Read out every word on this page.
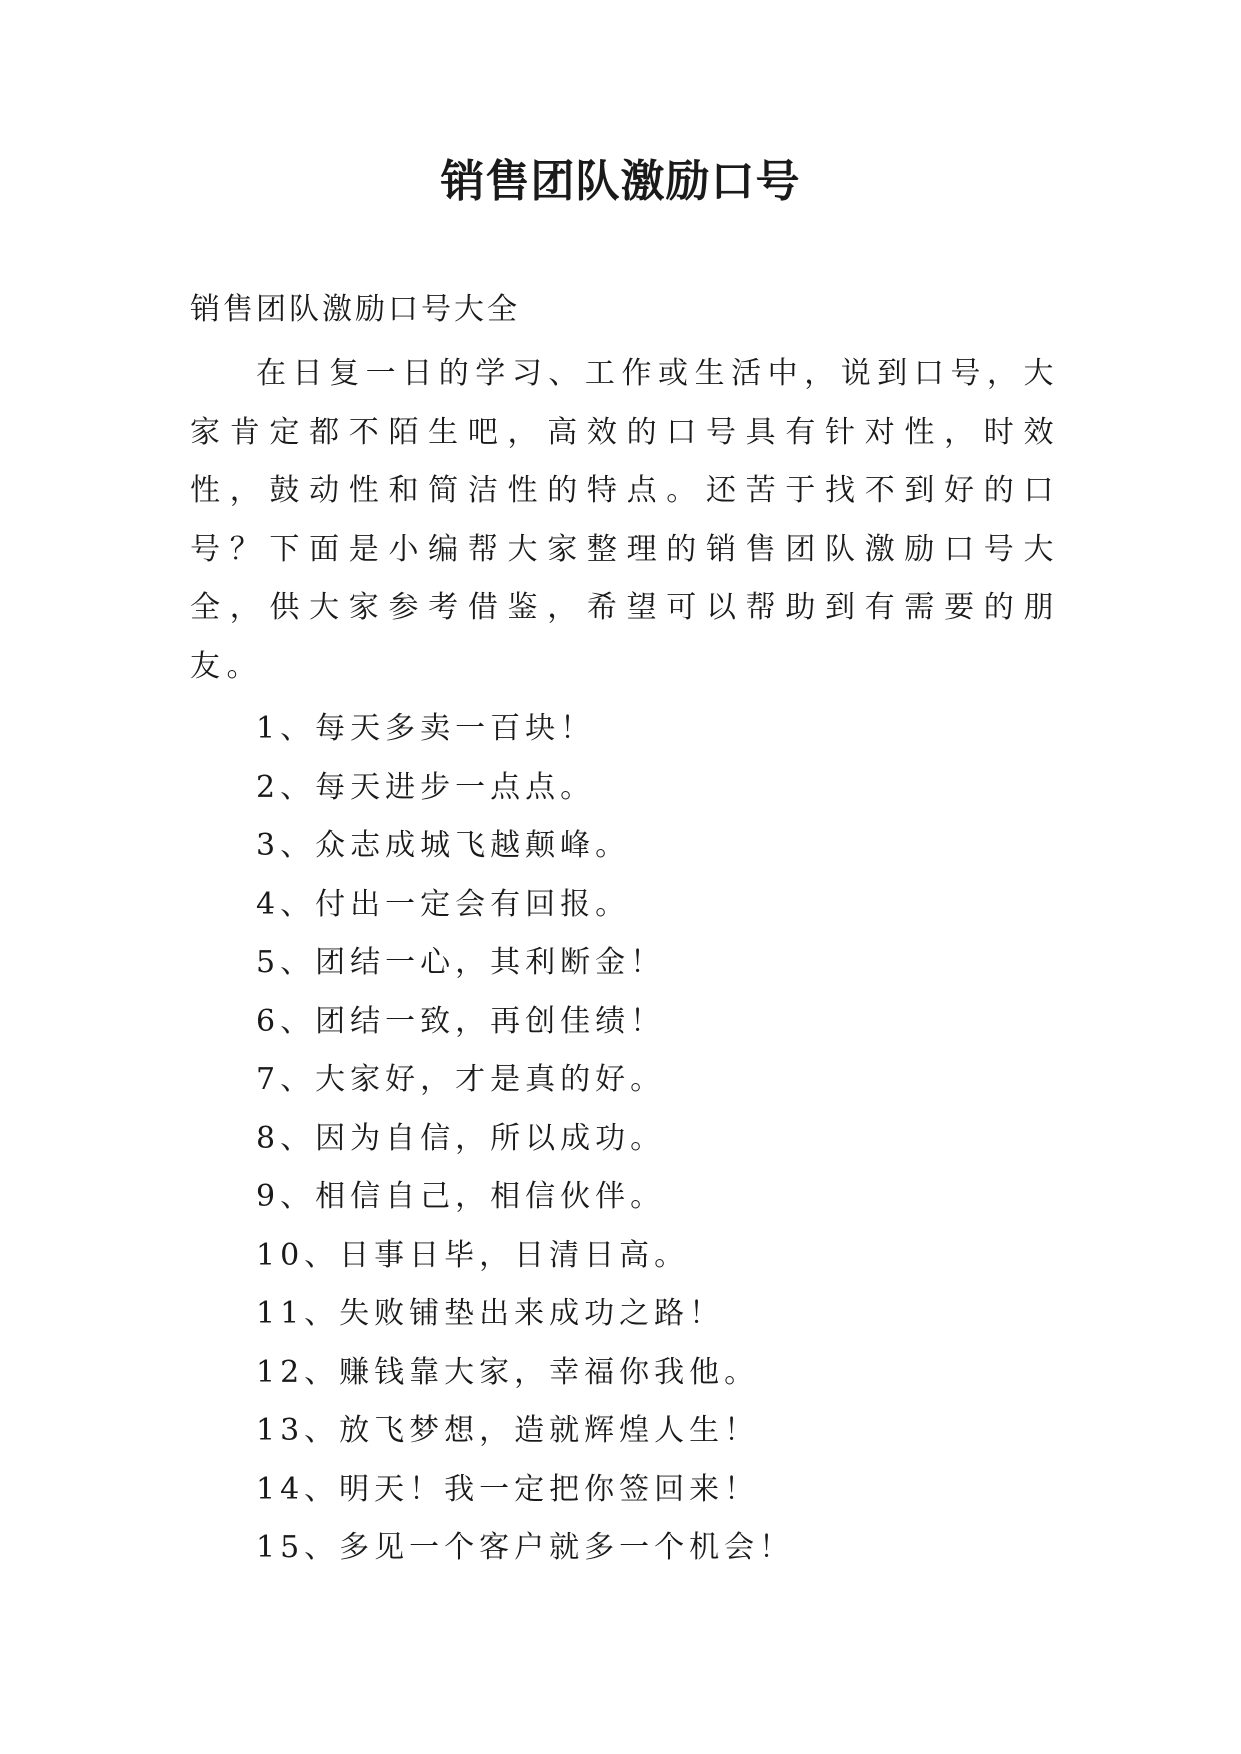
销售团队激励口号

销售团队激励口号大全

在日复一日的学习、工作或生活中，说到口号，大家肯定都不陌生吧，高效的口号具有针对性，时效性，鼓动性和简洁性的特点。还苦于找不到好的口号？下面是小编帮大家整理的销售团队激励口号大全，供大家参考借鉴，希望可以帮助到有需要的朋友。

1、每天多卖一百块！
2、每天进步一点点。
3、众志成城飞越颠峰。
4、付出一定会有回报。
5、团结一心，其利断金！
6、团结一致，再创佳绩！
7、大家好，才是真的好。
8、因为自信，所以成功。
9、相信自己，相信伙伴。
10、日事日毕，日清日高。
11、失败铺垫出来成功之路！
12、赚钱靠大家，幸福你我他。
13、放飞梦想，造就辉煌人生！
14、明天！我一定把你签回来！
15、多见一个客户就多一个机会！
